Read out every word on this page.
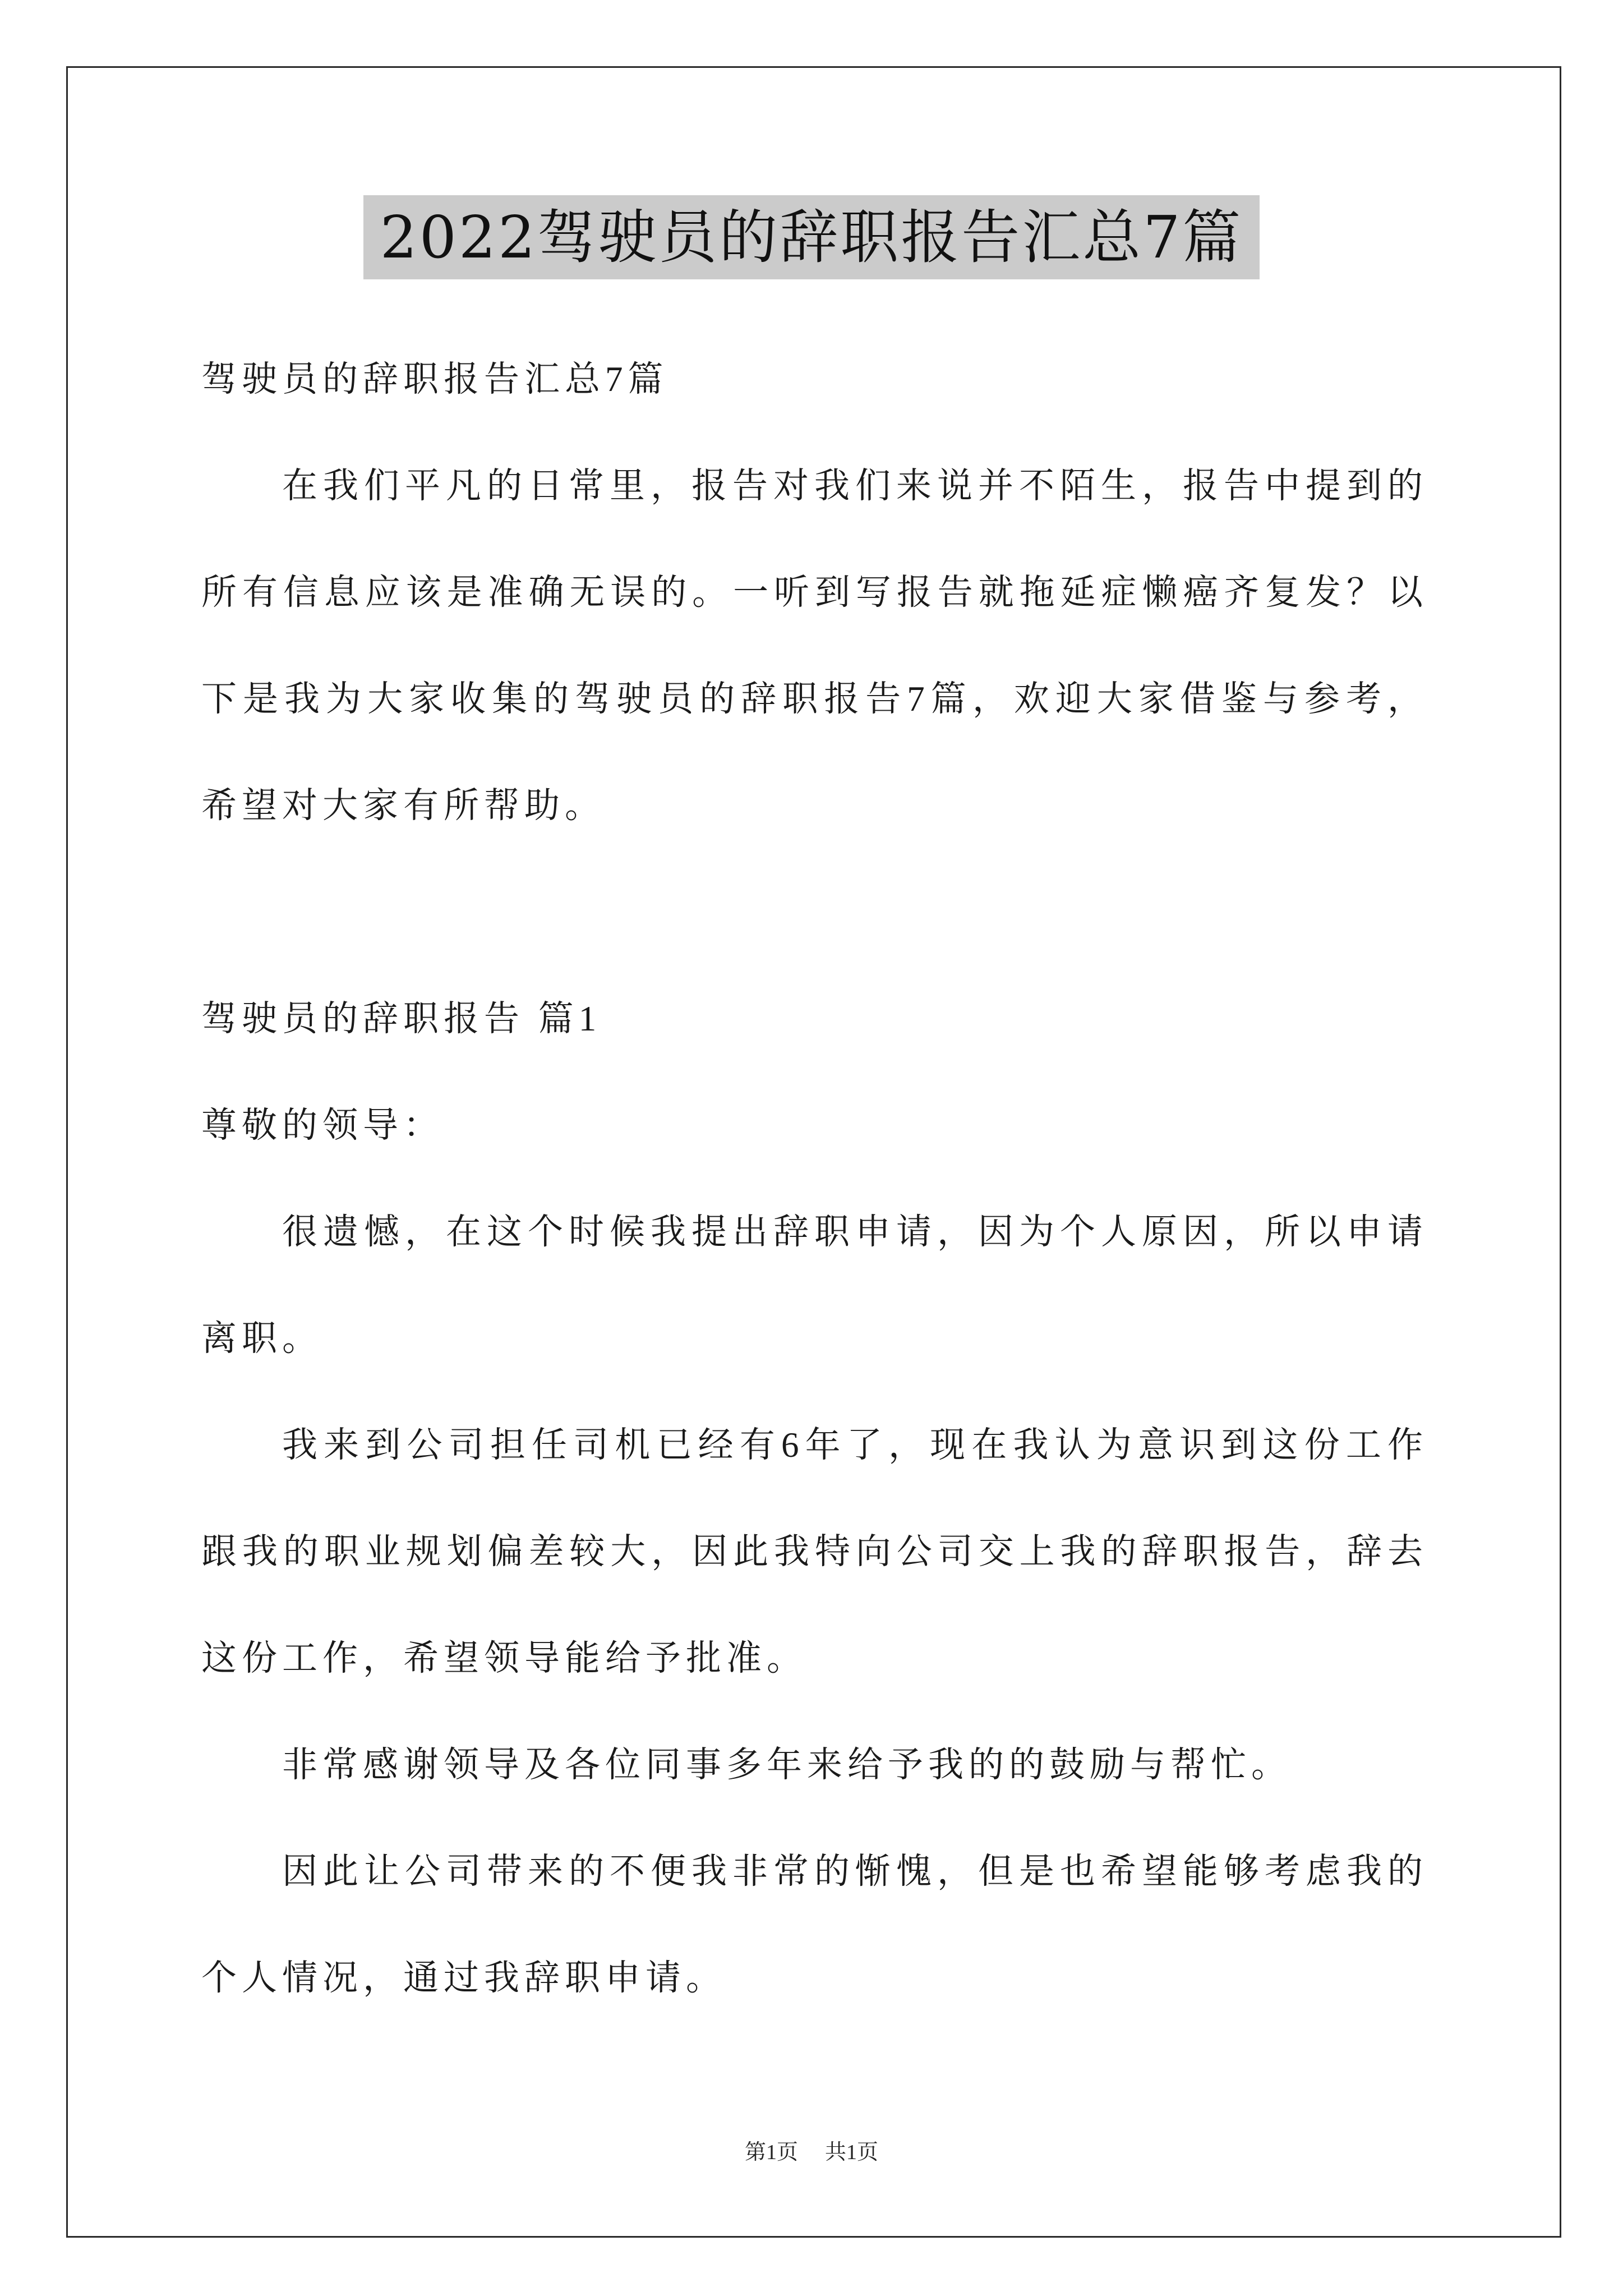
2022驾驶员的辞职报告汇总7篇
驾驶员的辞职报告汇总7篇
在我们平凡的日常里，报告对我们来说并不陌生，报告中提到的
所有信息应该是准确无误的。一听到写报告就拖延症懒癌齐复发？以
下是我为大家收集的驾驶员的辞职报告7篇，欢迎大家借鉴与参考，
希望对大家有所帮助。
驾驶员的辞职报告 篇1
尊敬的领导：
很遗憾，在这个时候我提出辞职申请，因为个人原因，所以申请
离职。
我来到公司担任司机已经有6年了，现在我认为意识到这份工作
跟我的职业规划偏差较大，因此我特向公司交上我的辞职报告，辞去
这份工作，希望领导能给予批准。
非常感谢领导及各位同事多年来给予我的的鼓励与帮忙。
因此让公司带来的不便我非常的惭愧，但是也希望能够考虑我的
个人情况，通过我辞职申请。
第1页 共1页
